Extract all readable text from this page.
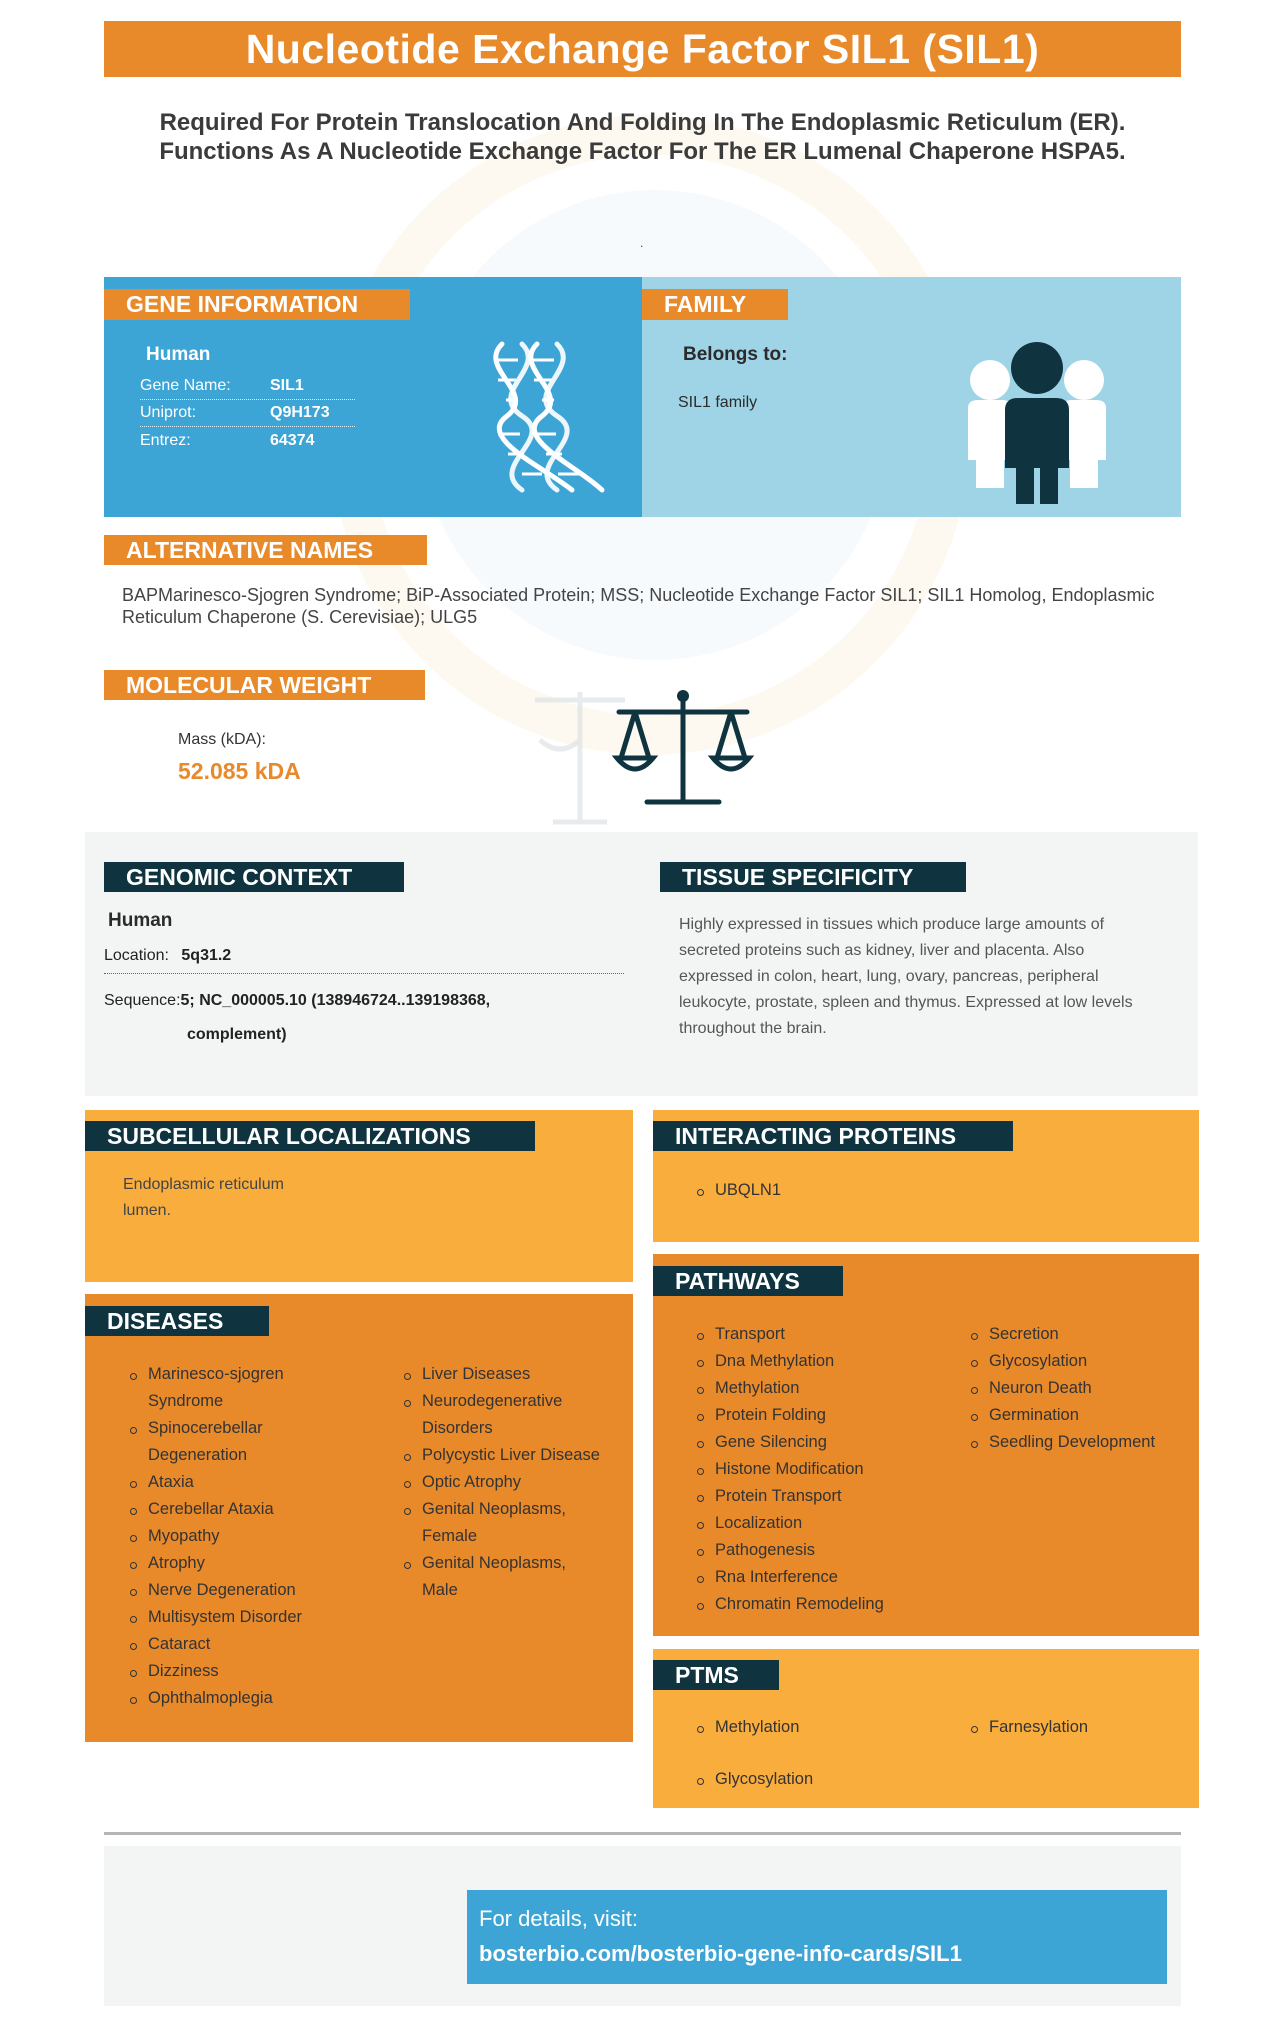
Nucleotide Exchange Factor SIL1 (SIL1)
Required For Protein Translocation And Folding In The Endoplasmic Reticulum (ER). Functions As A Nucleotide Exchange Factor For The ER Lumenal Chaperone HSPA5.
.
GENE INFORMATION
Human
Gene Name:	SIL1
Uniprot:	Q9H173
Entrez:	64374
FAMILY
Belongs to:
SIL1 family
ALTERNATIVE NAMES
BAPMarinesco-Sjogren Syndrome; BiP-Associated Protein; MSS; Nucleotide Exchange Factor SIL1; SIL1 Homolog, Endoplasmic Reticulum Chaperone (S. Cerevisiae); ULG5
MOLECULAR WEIGHT
Mass (kDA):
52.085 kDA
GENOMIC CONTEXT
Human
Location: 5q31.2
Sequence:5; NC_000005.10 (138946724..139198368,
complement)
TISSUE SPECIFICITY
Highly expressed in tissues which produce large amounts of secreted proteins such as kidney, liver and placenta. Also expressed in colon, heart, lung, ovary, pancreas, peripheral leukocyte, prostate, spleen and thymus. Expressed at low levels throughout the brain.
SUBCELLULAR LOCALIZATIONS
Endoplasmic reticulum
lumen.
INTERACTING PROTEINS
UBQLN1
DISEASES
Marinesco-sjogren
Syndrome
Spinocerebellar
Degeneration
Ataxia
Cerebellar Ataxia
Myopathy
Atrophy
Nerve Degeneration
Multisystem Disorder
Cataract
Dizziness
Ophthalmoplegia
Liver Diseases
Neurodegenerative
Disorders
Polycystic Liver Disease
Optic Atrophy
Genital Neoplasms,
Female
Genital Neoplasms,
Male
PATHWAYS
Transport
Dna Methylation
Methylation
Protein Folding
Gene Silencing
Histone Modification
Protein Transport
Localization
Pathogenesis
Rna Interference
Chromatin Remodeling
Secretion
Glycosylation
Neuron Death
Germination
Seedling Development
PTMS
Methylation
Glycosylation
Farnesylation
For details, visit:
bosterbio.com/bosterbio-gene-info-cards/SIL1
